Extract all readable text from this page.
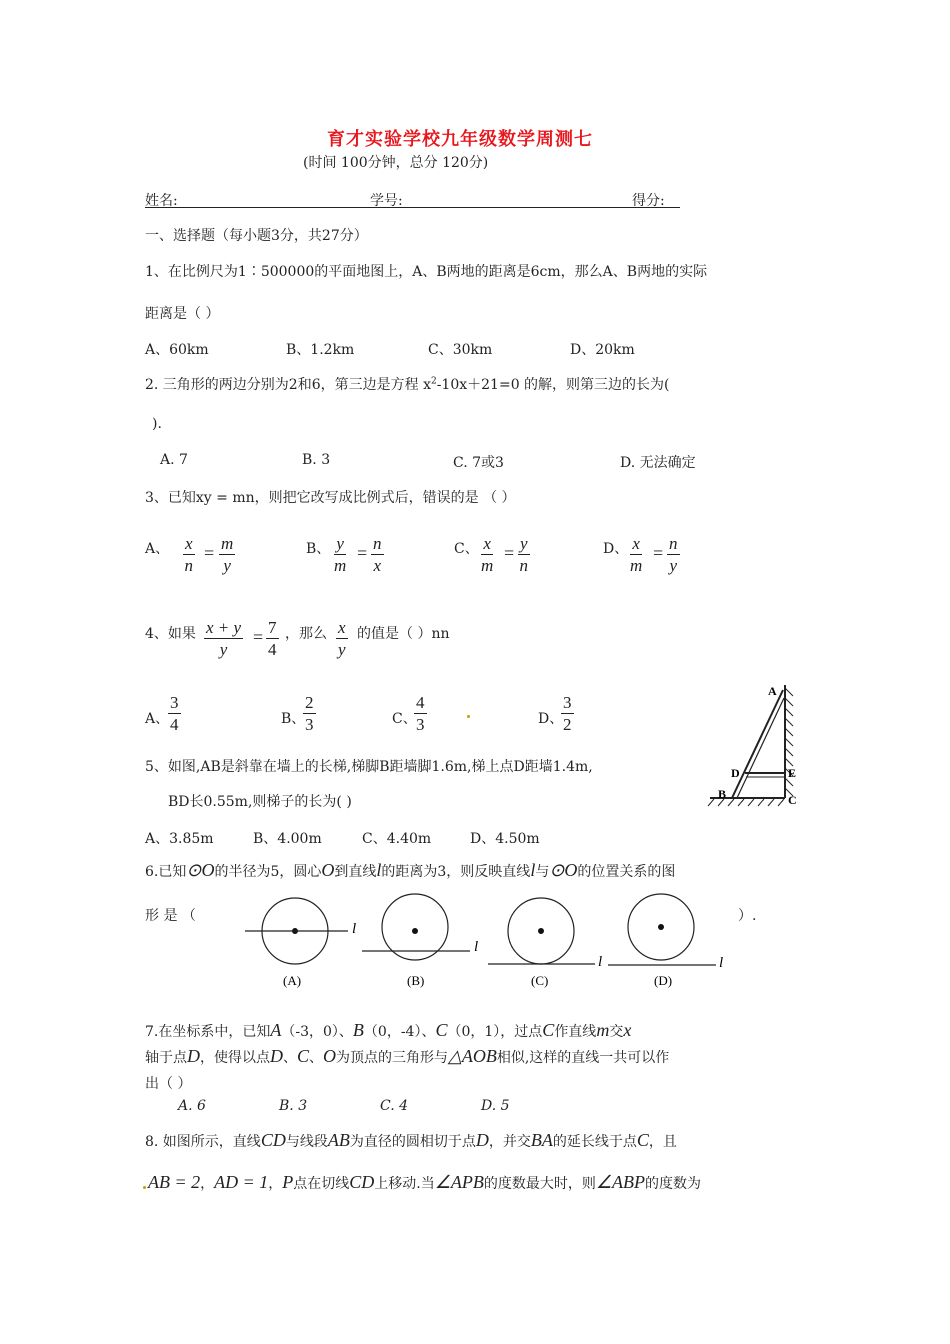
育才实验学校九年级数学周测七
(时间 100分钟，总分 120分)
姓名:	学号:	得分:
一、选择题（每小题3分，共27分）
1、在比例尺为1∶500000的平面地图上，A、B两地的距离是6cm，那么A、B两地的实际
距离是（ ）
A、60km	B、1.2km	C、30km	D、20km
2. 三角形的两边分别为2和6，第三边是方程 $x^2-10x+21=0$ 的解，则第三边的长为(
).
A. 7	B. 3	C. 7或3	D. 无法确定
3、已知xy = mn，则把它改写成比例式后，错误的是 （ ）
A、 $\frac{x}{n} = \frac{m}{y}$	B、 $\frac{y}{m} = \frac{n}{x}$	C、 $\frac{x}{m} = \frac{y}{n}$	D、 $\frac{x}{m} = \frac{n}{y}$
4、如果 $\frac{x + y}{y} = \frac{7}{4}$ ，那么 $\frac{x}{y}$ 的值是（ ）nn
A、
$\frac{3}{4}$	B、
$\frac{2}{3}$	C、
$\frac{4}{3}$	D、
$\frac{3}{2}$
A
D	E
B	C
5、如图,AB是斜靠在墙上的长梯,梯脚B距墙脚1.6m,梯上点D距墙1.4m,
BD长0.55m,则梯子的长为( )
A、3.85m	B、4.00m	C、4.40m	D、4.50m
6.已知⊙O的半径为5，圆心O到直线l的距离为3，则反映直线l与⊙O的位置关系的图
形 是 （	）.
l
(A)
l
(B)
l
(C)
l
(D)
7.在坐标系中，已知A（-3，0）、B（0，-4）、C（0，1），过点C作直线m交x
轴于点D，使得以点D、C、O为顶点的三角形与△AOB相似,这样的直线一共可以作
出（ ）
A. 6	B. 3	C. 4	D. 5
8. 如图所示，直线CD与线段AB为直径的圆相切于点D，并交BA的延长线于点C，且
AB = 2，AD = 1，P点在切线CD上移动.当∠APB的度数最大时，则∠ABP的度数为
